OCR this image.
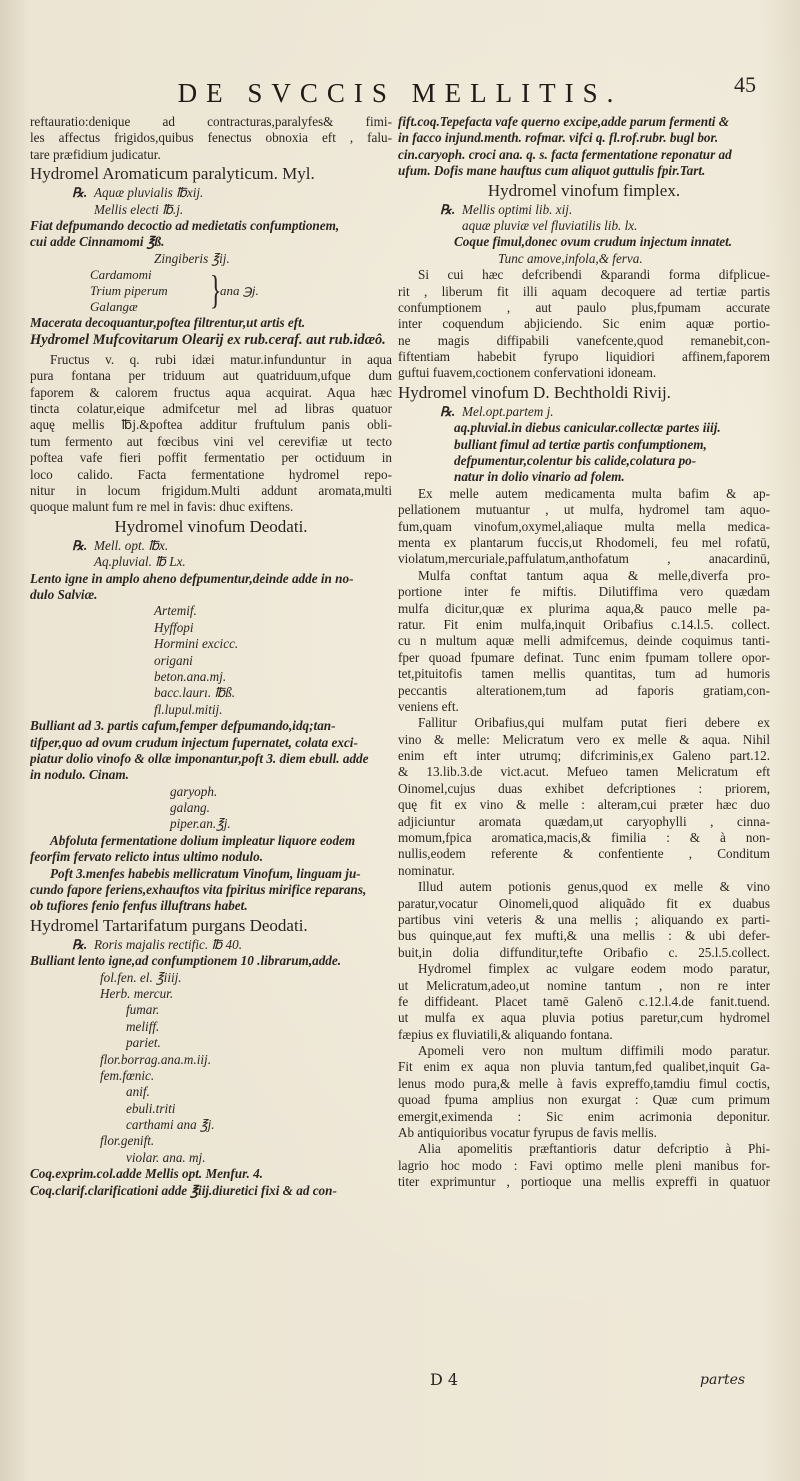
DE SVCCIS MELLITIS.	45
reftauratio:denique ad contracturas,paralyfes& fimi-
les affectus frigidos,quibus fenectus obnoxia eft , falu-
tare præfidium judicatur.
Hydromel Aromaticum paralyticum. Myl.
℞. Aquæ pluvialis ℔xij.
Mellis electi ℔.j.
Fiat defpumando decoctio ad medietatis confumptionem,
cui adde Cinnamomi ℥ß.
Zingiberis ℥ij.
Cardamomi
Trium piperum
Galangæ	}
ana ℈j.
Macerata decoquantur,poftea filtrentur,ut artis eft.
Hydromel Mufcovitarum Olearij ex rub.ceraf. aut rub.idæô.
Fructus v. q. rubi idæi matur.infunduntur in aqua
pura fontana per triduum aut quatriduum,ufque dum
faporem & calorem fructus aqua acquirat. Aqua hæc
tincta colatur,eique admifcetur mel ad libras quatuor
aquę mellis ℔j.&poftea additur fruftulum panis obli-
tum fermento aut fœcibus vini vel cerevifiæ ut tecto
poftea vafe fieri poffit fermentatio per octiduum in
loco calido. Facta fermentatione hydromel repo-
nitur in locum frigidum.Multi addunt aromata,multi
quoque malunt fum re mel in favis: dhuc exiftens.
Hydromel vinofum Deodati.
℞. Mell. opt. ℔x.
Aq.pluvial. ℔ Lx.
Lento igne in amplo aheno defpumentur,deinde adde in no-
dulo Salviæ.
Artemif.
Hyffopi
Hormini excicc.
origani
beton.ana.mj.
bacc.laurı. ℔ß.
fl.lupul.mitij.
Bulliant ad 3. partis cafum,femper defpumando,idq;tan-
tifper,quo ad ovum crudum injectum fupernatet, colata exci-
piatur dolio vinofo & ollæ imponantur,poft 3. diem ebull. adde
in nodulo. Cinam.
garyoph.
galang.
piper.an.℥j.
Abfoluta fermentatione dolium impleatur liquore eodem
feorfim fervato relicto intus ultimo nodulo.
Poft 3.menfes habebis mellicratum Vinofum, linguam ju-
cundo fapore feriens,exhauftos vita fpiritus mirifice reparans,
ob tufiores fenio fenfus illuftrans habet.
Hydromel Tartarifatum purgans Deodati.
℞. Roris majalis rectific. ℔ 40.
Bulliant lento igne,ad confumptionem 10 .librarum,adde.
fol.fen. el. ℥iiij.
Herb. mercur.
fumar.
meliff.
pariet.
flor.borrag.ana.m.iij.
fem.fœnic.
anif.
ebuli.triti
carthami ana ℥j.
flor.genift.
violar. ana. mj.
Coq.exprim.col.adde Mellis opt. Menfur. 4.
Coq.clarif.clarificationi adde ℥iij.diuretici fixi & ad con-
fift.coq.Tepefacta vafe querno excipe,adde parum fermenti &
in facco injund.menth. rofmar. vifci q. fl.rof.rubr. bugl bor.
cin.caryoph. croci ana. q. s. facta fermentatione reponatur ad
ufum. Dofis mane hauftus cum aliquot guttulis fpir.Tart.
Hydromel vinofum fimplex.
℞. Mellis optimi lib. xij.
aquæ pluviæ vel fluviatilis lib. lx.
Coque fimul,donec ovum crudum injectum innatet.
Tunc amove,infola,& ferva.
Si cui hæc defcribendi &parandi forma difplicue-
rit , liberum fit illi aquam decoquere ad tertiæ partis
confumptionem , aut paulo plus,fpumam accurate
inter coquendum abjiciendo. Sic enim aquæ portio-
ne magis diffipabili vanefcente,quod remanebit,con-
fiftentiam habebit fyrupo liquidiori affinem,faporem
guftui fuavem,coctionem confervationi idoneam.
Hydromel vinofum D. Bechtholdi Rivij.
℞. Mel.opt.partem j.
aq.pluvial.in diebus canicular.collectæ partes iiij.
bulliant fimul ad tertiæ partis confumptionem,
defpumentur,colentur bis calide,colatura po-
natur in dolio vinario ad folem.
Ex melle autem medicamenta multa bafim & ap-
pellationem mutuantur , ut mulfa, hydromel tam aquo-
fum,quam vinofum,oxymel,aliaque multa mella medica-
menta ex plantarum fuccis,ut Rhodomeli, feu mel rofatū,
violatum,mercuriale,paffulatum,anthofatum , anacardinū,
Mulfa conftat tantum aqua & melle,diverfa pro-
portione inter fe miftis. Dilutiffima vero quædam
mulfa dicitur,quæ ex plurima aqua,& pauco melle pa-
ratur. Fit enim mulfa,inquit Oribafius c.14.l.5. collect.
cu n multum aquæ melli admifcemus, deinde coquimus tanti-
fper quoad fpumare definat. Tunc enim fpumam tollere opor-
tet,pituitofis tamen mellis quantitas, tum ad humoris
peccantis alterationem,tum ad faporis gratiam,con-
veniens eft.
Fallitur Oribafius,qui mulfam putat fieri debere ex
vino & melle: Melicratum vero ex melle & aqua. Nihil
enim eft inter utrumq; difcriminis,ex Galeno part.12.
& 13.lib.3.de vict.acut. Mefueo tamen Melicratum eft
Oinomel,cujus duas exhibet defcriptiones : priorem,
quę fit ex vino & melle : alteram,cui præter hæc duo
adjiciuntur aromata quædam,ut caryophylli , cinna-
momum,fpica aromatica,macis,& fimilia : & à non-
nullis,eodem referente & confentiente , Conditum
nominatur.
Illud autem potionis genus,quod ex melle & vino
paratur,vocatur Oinomeli,quod aliquãdo fit ex duabus
partibus vini veteris & una mellis ; aliquando ex parti-
bus quinque,aut fex mufti,& una mellis : & ubi defer-
buit,in dolia diffunditur,tefte Oribafio c. 25.l.5.collect.
Hydromel fimplex ac vulgare eodem modo paratur,
ut Melicratum,adeo,ut nomine tantum , non re inter
fe diffideant. Placet tamē Galenō c.12.l.4.de fanit.tuend.
ut mulfa ex aqua pluvia potius paretur,cum hydromel
fæpius ex fluviatili,& aliquando fontana.
Apomeli vero non multum diffimili modo paratur.
Fit enim ex aqua non pluvia tantum,fed qualibet,inquit Ga-
lenus modo pura,& melle à favis expreffo,tamdiu fimul coctis,
quoad fpuma amplius non exurgat : Quæ cum primum
emergit,eximenda : Sic enim acrimonia deponitur.
Ab antiquioribus vocatur fyrupus de favis mellis.
Alia apomelitis præftantioris datur defcriptio à Phi-
lagrio hoc modo : Favi optimo melle pleni manibus for-
titer exprimuntur , portioque una mellis expreffi in quatuor
D 4	partes
